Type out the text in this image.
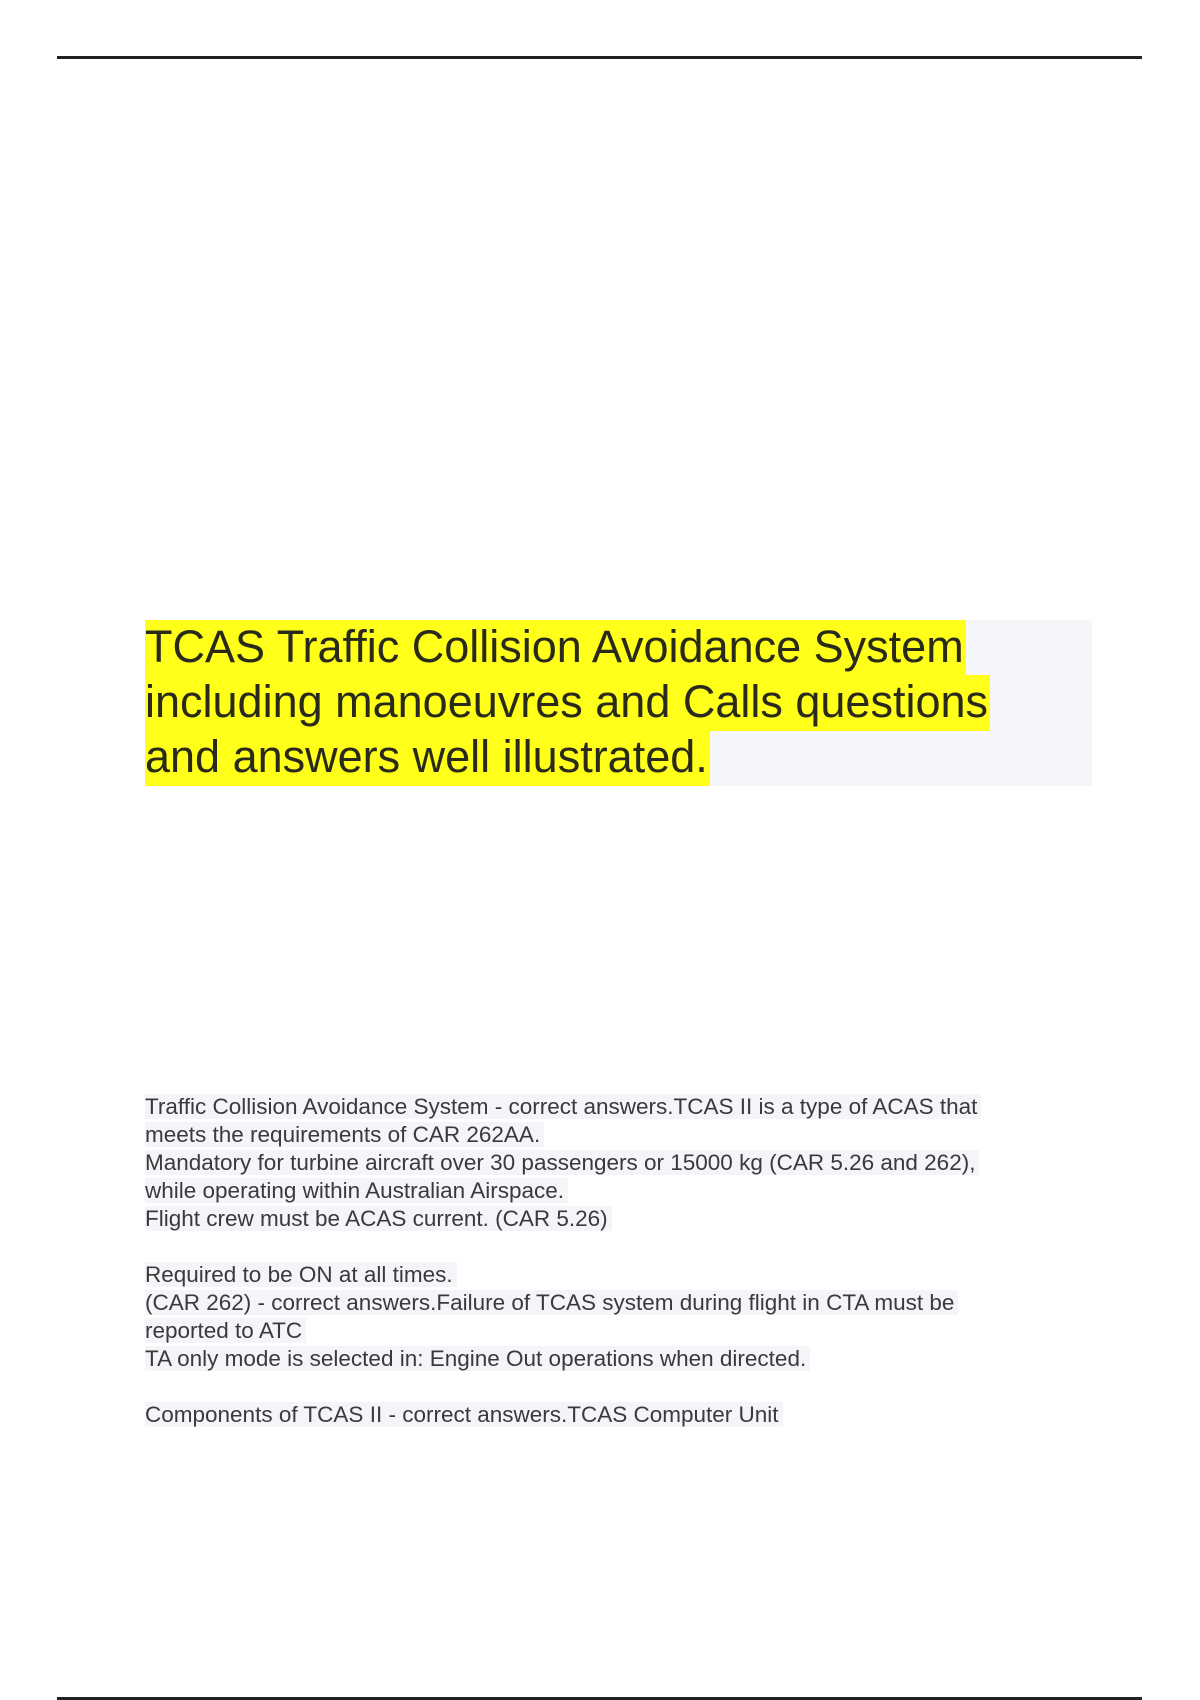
TCAS Traffic Collision Avoidance System
including manoeuvres and Calls questions
and answers well illustrated.
Traffic Collision Avoidance System - correct answers.TCAS II is a type of ACAS that
meets the requirements of CAR 262AA.
Mandatory for turbine aircraft over 30 passengers or 15000 kg (CAR 5.26 and 262),
while operating within Australian Airspace.
Flight crew must be ACAS current. (CAR 5.26)
Required to be ON at all times.
(CAR 262) - correct answers.Failure of TCAS system during flight in CTA must be
reported to ATC
TA only mode is selected in: Engine Out operations when directed.
Components of TCAS II - correct answers.TCAS Computer Unit
